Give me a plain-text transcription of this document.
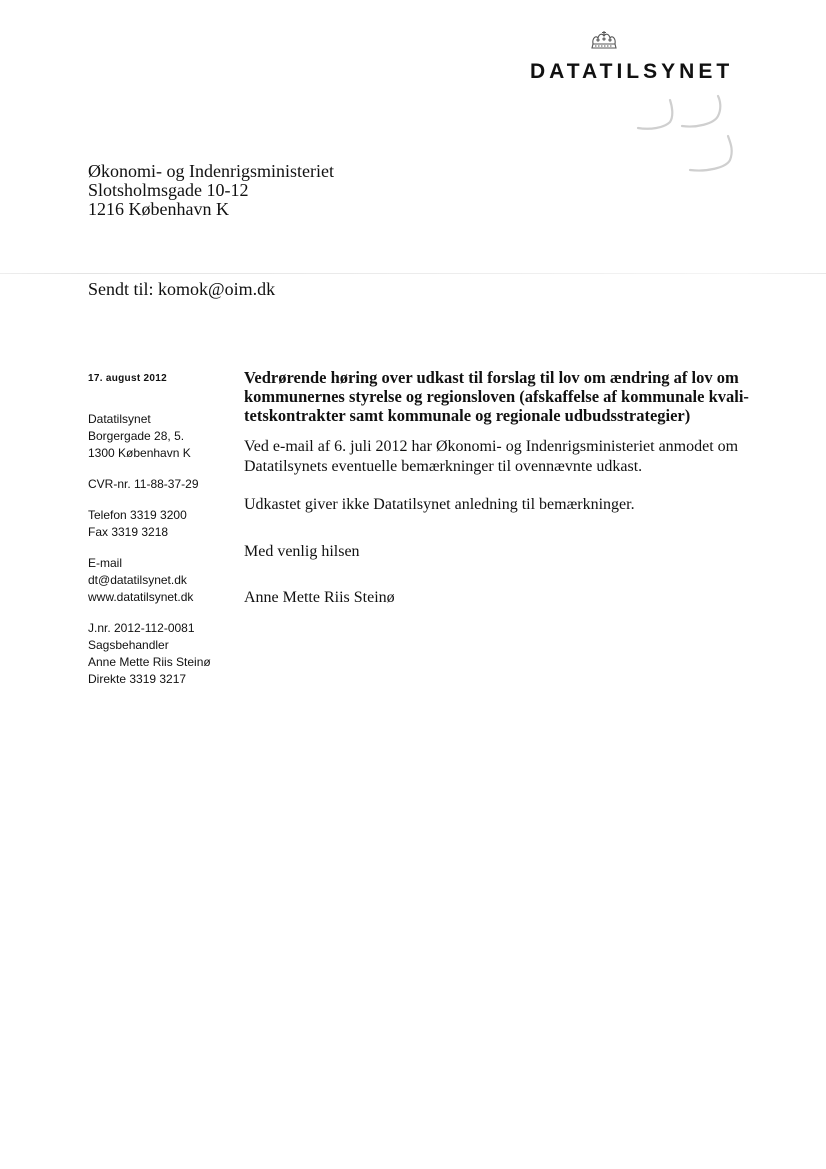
DATATILSYNET
Økonomi- og Indenrigsministeriet
Slotsholmsgade 10-12
1216 København K
Sendt til: komok@oim.dk
17. august 2012
Datatilsynet
Borgergade 28, 5.
1300 København K
CVR-nr. 11-88-37-29
Telefon 3319 3200
Fax 3319 3218
E-mail
dt@datatilsynet.dk
www.datatilsynet.dk
J.nr. 2012-112-0081
Sagsbehandler
Anne Mette Riis Steinø
Direkte 3319 3217
Vedrørende høring over udkast til forslag til lov om ændring af lov om
kommunernes styrelse og regionsloven (afskaffelse af kommunale kvali-
tetskontrakter samt kommunale og regionale udbudsstrategier)
Ved e-mail af 6. juli 2012 har Økonomi- og Indenrigsministeriet anmodet om
Datatilsynets eventuelle bemærkninger til ovennævnte udkast.
Udkastet giver ikke Datatilsynet anledning til bemærkninger.
Med venlig hilsen
Anne Mette Riis Steinø
